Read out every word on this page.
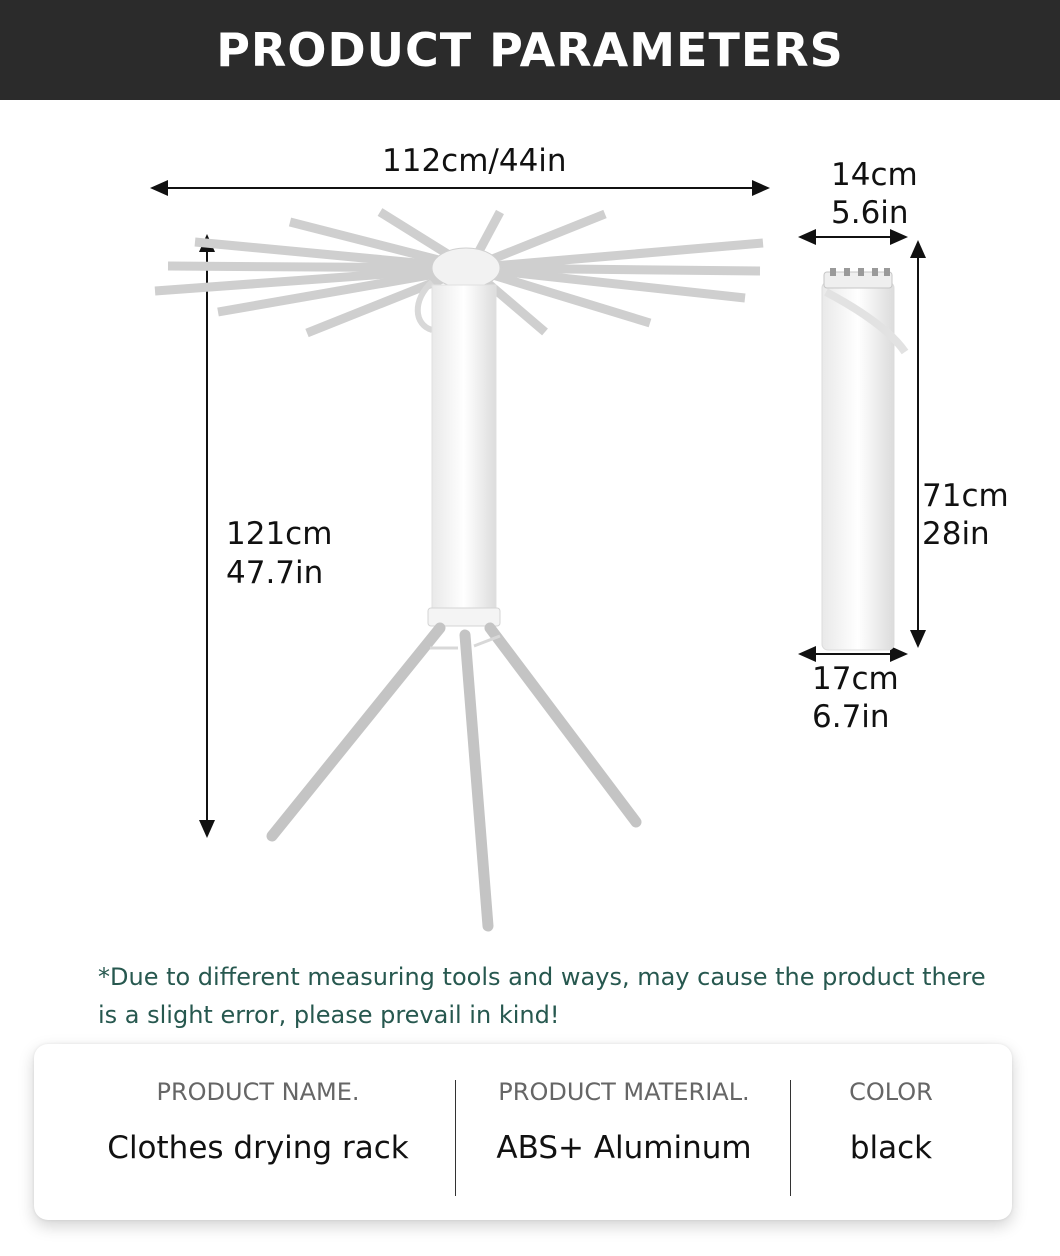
PRODUCT PARAMETERS
112cm/44in
121cm
47.7in
14cm
5.6in
71cm
28in
17cm
6.7in
*Due to different measuring tools and ways, may cause the product there is a slight error, please prevail in kind!
PRODUCT NAME.
Clothes drying rack
PRODUCT MATERIAL.
ABS+ Aluminum
COLOR
black
